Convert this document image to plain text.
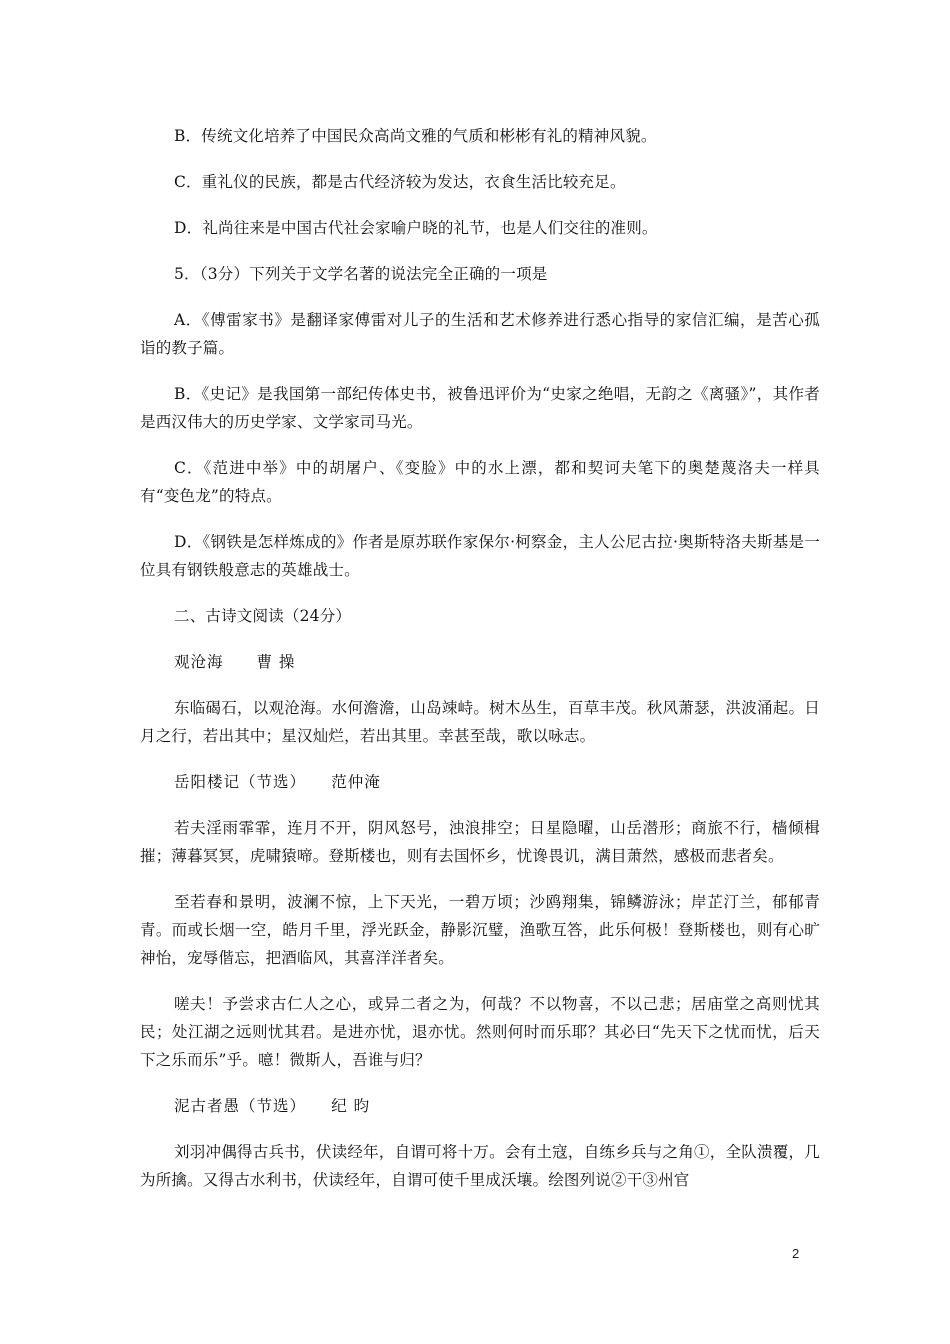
B．传统文化培养了中国民众高尚文雅的气质和彬彬有礼的精神风貌。

C．重礼仪的民族，都是古代经济较为发达，衣食生活比较充足。

D．礼尚往来是中国古代社会家喻户晓的礼节，也是人们交往的准则。

5．（3分）下列关于文学名著的说法完全正确的一项是

A．《傅雷家书》是翻译家傅雷对儿子的生活和艺术修养进行悉心指导的家信汇编，是苦心孤诣的教子篇。

B．《史记》是我国第一部纪传体史书，被鲁迅评价为“史家之绝唱，无韵之《离骚》”，其作者是西汉伟大的历史学家、文学家司马光。

C．《范进中举》中的胡屠户、《变脸》中的水上漂，都和契诃夫笔下的奥楚蔑洛夫一样具有“变色龙”的特点。

D．《钢铁是怎样炼成的》作者是原苏联作家保尔·柯察金，主人公尼古拉·奥斯特洛夫斯基是一位具有钢铁般意志的英雄战士。

二、古诗文阅读（24分）

观沧海　　曹 操

东临碣石，以观沧海。水何澹澹，山岛竦峙。树木丛生，百草丰茂。秋风萧瑟，洪波涌起。日月之行，若出其中；星汉灿烂，若出其里。幸甚至哉，歌以咏志。

岳阳楼记（节选）　　范仲淹

若夫淫雨霏霏，连月不开，阴风怒号，浊浪排空；日星隐曜，山岳潜形；商旅不行，樯倾楫摧；薄暮冥冥，虎啸猿啼。登斯楼也，则有去国怀乡，忧谗畏讥，满目萧然，感极而悲者矣。

至若春和景明，波澜不惊，上下天光，一碧万顷；沙鸥翔集，锦鳞游泳；岸芷汀兰，郁郁青青。而或长烟一空，皓月千里，浮光跃金，静影沉璧，渔歌互答，此乐何极！登斯楼也，则有心旷神怡，宠辱偕忘，把酒临风，其喜洋洋者矣。

嗟夫！予尝求古仁人之心，或异二者之为，何哉？不以物喜，不以己悲；居庙堂之高则忧其民；处江湖之远则忧其君。是进亦忧，退亦忧。然则何时而乐耶？其必曰“先天下之忧而忧，后天下之乐而乐”乎。噫！微斯人，吾谁与归？

泥古者愚（节选）　　纪 昀

刘羽冲偶得古兵书，伏读经年，自谓可将十万。会有土寇，自练乡兵与之角①，全队溃覆，几为所擒。又得古水利书，伏读经年，自谓可使千里成沃壤。绘图列说②干③州官

2
